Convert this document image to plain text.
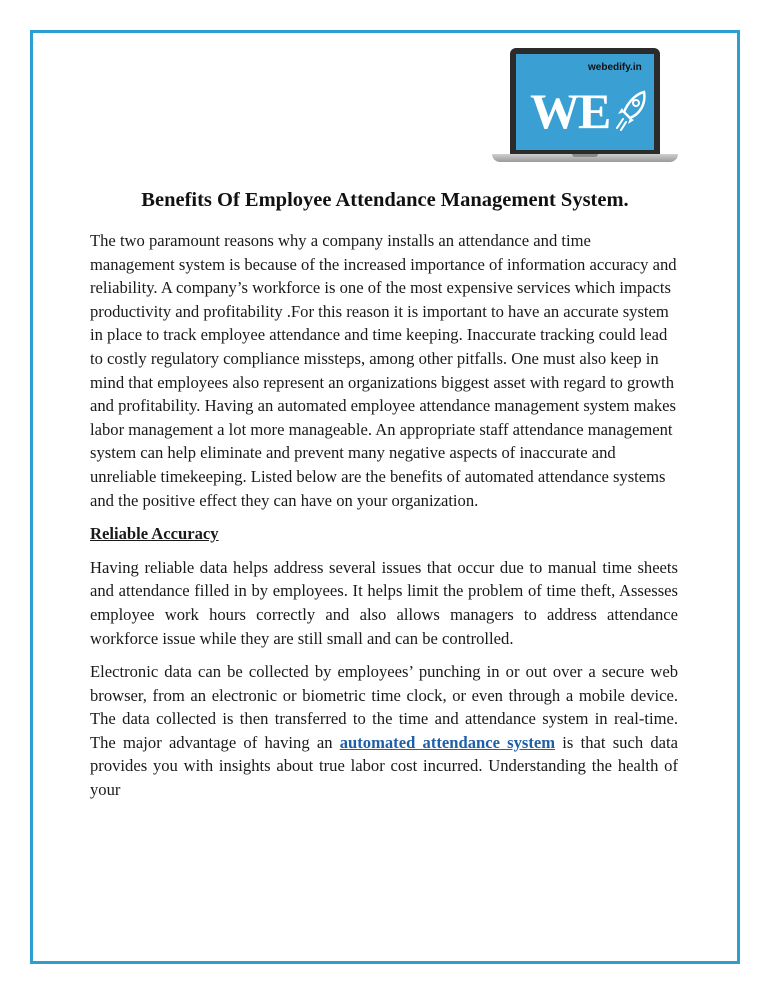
webedify.in
WE
Benefits Of Employee Attendance Management System.

The two paramount reasons why a company installs an attendance and time management system is because of the increased importance of information accuracy and reliability. A company’s workforce is one of the most expensive services which impacts productivity and profitability .For this reason it is important to have an accurate system in place to track employee attendance and time keeping. Inaccurate tracking could lead to costly regulatory compliance missteps, among other pitfalls. One must also keep in mind that employees also represent an organizations biggest asset with regard to growth and profitability. Having an automated employee attendance management system makes labor management a lot more manageable. An appropriate staff attendance management system can help eliminate and prevent many negative aspects of inaccurate and unreliable timekeeping. Listed below are the benefits of automated attendance systems and the positive effect they can have on your organization.

Reliable Accuracy

Having reliable data helps address several issues that occur due to manual time sheets and attendance filled in by employees. It helps limit the problem of time theft, Assesses employee work hours correctly and also allows managers to address attendance workforce issue while they are still small and can be controlled.

Electronic data can be collected by employees’ punching in or out over a secure web browser, from an electronic or biometric time clock, or even through a mobile device. The data collected is then transferred to the time and attendance system in real-time. The major advantage of having an automated attendance system is that such data provides you with insights about true labor cost incurred. Understanding the health of your
